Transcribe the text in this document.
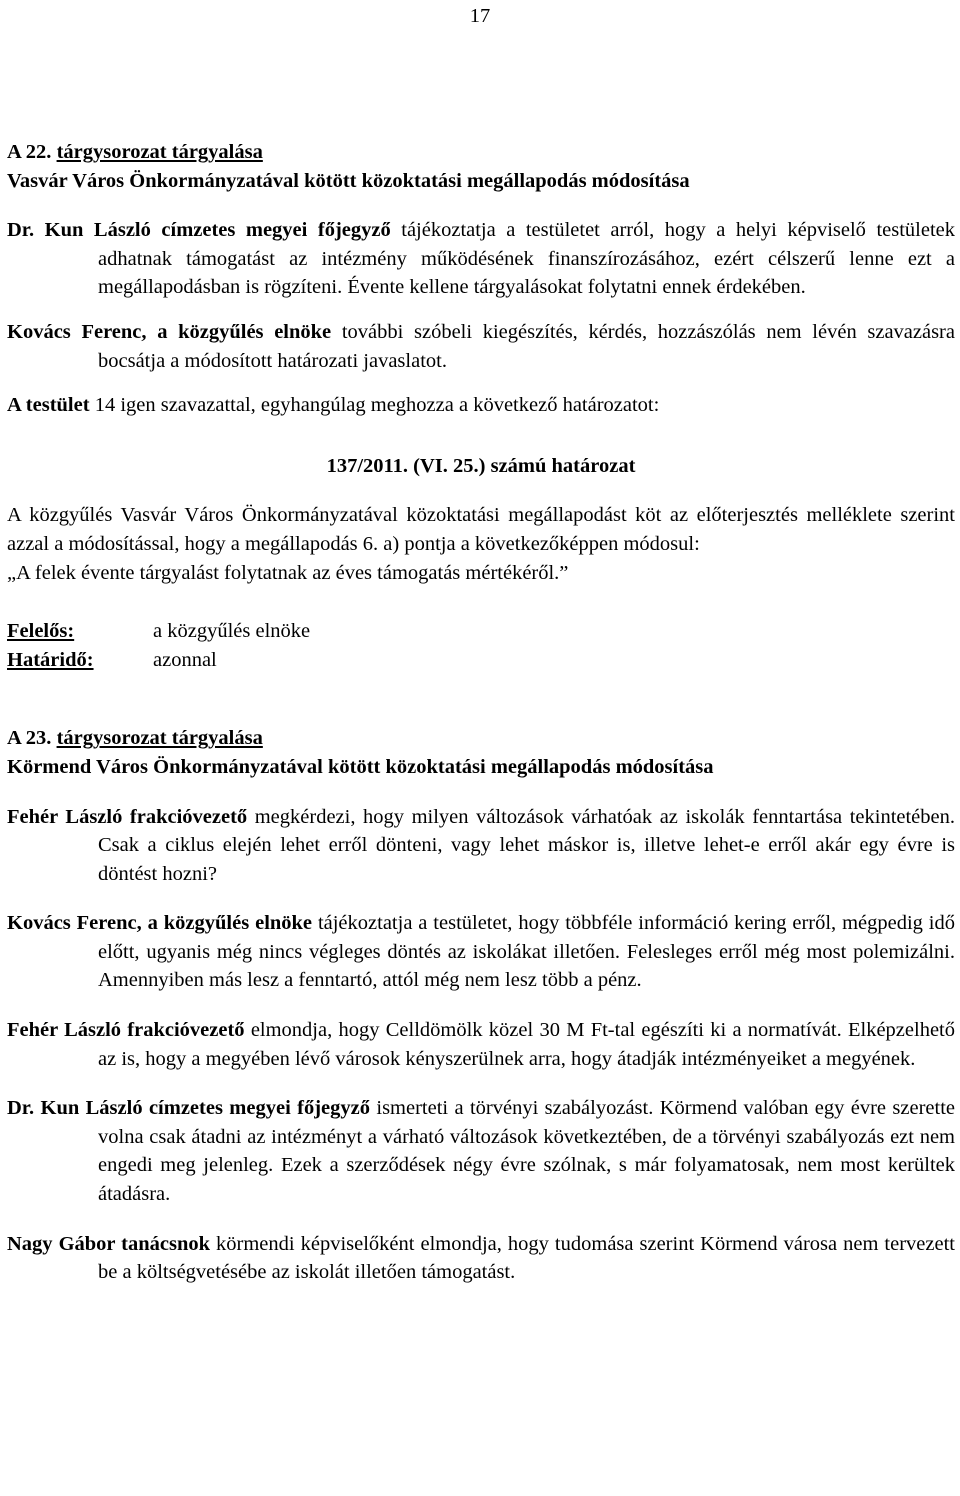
17
A 22. tárgysorozat tárgyalása
Vasvár Város Önkormányzatával kötött közoktatási megállapodás módosítása
Dr. Kun László címzetes megyei főjegyző tájékoztatja a testületet arról, hogy a helyi képviselő testületek adhatnak támogatást az intézmény működésének finanszírozásához, ezért célszerű lenne ezt a megállapodásban is rögzíteni. Évente kellene tárgyalásokat folytatni ennek érdekében.
Kovács Ferenc, a közgyűlés elnöke további szóbeli kiegészítés, kérdés, hozzászólás nem lévén szavazásra bocsátja a módosított határozati javaslatot.
A testület 14 igen szavazattal, egyhangúlag meghozza a következő határozatot:
137/2011. (VI. 25.) számú határozat
A közgyűlés Vasvár Város Önkormányzatával közoktatási megállapodást köt az előterjesztés melléklete szerint azzal a módosítással, hogy a megállapodás 6. a) pontja a következőképpen módosul:
„A felek évente tárgyalást folytatnak az éves támogatás mértékéről.”
Felelős:	a közgyűlés elnöke
Határidő:	azonnal
A 23. tárgysorozat tárgyalása
Körmend Város Önkormányzatával kötött közoktatási megállapodás módosítása
Fehér László frakcióvezető megkérdezi, hogy milyen változások várhatóak az iskolák fenntartása tekintetében. Csak a ciklus elején lehet erről dönteni, vagy lehet máskor is, illetve lehet-e erről akár egy évre is döntést hozni?
Kovács Ferenc, a közgyűlés elnöke tájékoztatja a testületet, hogy többféle információ kering erről, mégpedig idő előtt, ugyanis még nincs végleges döntés az iskolákat illetően. Felesleges erről még most polemizálni. Amennyiben más lesz a fenntartó, attól még nem lesz több a pénz.
Fehér László frakcióvezető elmondja, hogy Celldömölk közel 30 M Ft-tal egészíti ki a normatívát. Elképzelhető az is, hogy a megyében lévő városok kényszerülnek arra, hogy átadják intézményeiket a megyének.
Dr. Kun László címzetes megyei főjegyző ismerteti a törvényi szabályozást. Körmend valóban egy évre szerette volna csak átadni az intézményt a várható változások következtében, de a törvényi szabályozás ezt nem engedi meg jelenleg. Ezek a szerződések négy évre szólnak, s már folyamatosak, nem most kerültek átadásra.
Nagy Gábor tanácsnok körmendi képviselőként elmondja, hogy tudomása szerint Körmend városa nem tervezett be a költségvetésébe az iskolát illetően támogatást.
